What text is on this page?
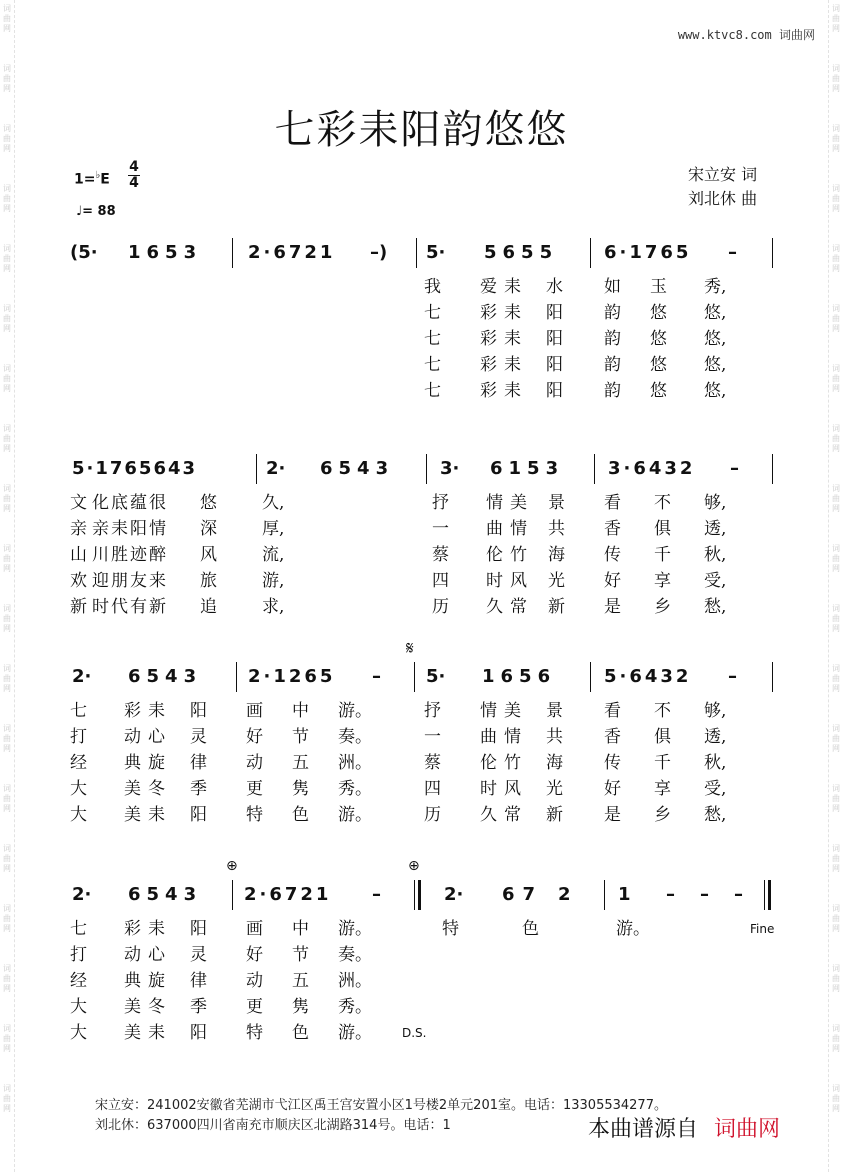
www.ktvc8.com 词曲网
七彩耒阳韵悠悠
宋立安 词
刘北休 曲
1=♭E
4
4
♩= 88
(5· 1653	2·6721 –) 5· 5655	6·1765 –
我 爱耒 水 如 玉 秀,
七 彩耒 阳 韵 悠 悠,
七 彩耒 阳 韵 悠 悠,
七 彩耒 阳 韵 悠 悠,
七 彩耒 阳 韵 悠 悠,
5·1765643	2· 6543	3· 6153 3·6432 –
文 化底蕴很 悠	久,	抒 情美 景 看 不 够,
亲 亲耒阳情 深	厚,	一 曲情 共 香 俱 透,
山 川胜迹醉 风	流,	蔡 伦竹 海 传 千 秋,
欢 迎朋友来 旅	游,	四 时风 光 好 享 受,
新 时代有新 追	求,	历 久常 新 是 乡 愁,
𝄋
2· 6543	2·1265 –	5· 1656	5·6432 –
七 彩耒 阳 画 中 游。	抒 情美 景 看 不 够,
打 动心 灵 好 节 奏。	一 曲情 共 香 俱 透,
经 典旋 律 动 五 洲。	蔡 伦竹 海 传 千 秋,
大 美冬 季 更 隽 秀。	四 时风 光 好 享 受,
大 美耒 阳 特 色 游。	历 久常 新 是 乡 愁,
⊕	⊕
2· 6543 2·6721 –	2· 67 2	1 – – –
Fine
七 彩耒 阳 画 中 游。	特	色	游。
打 动心 灵 好 节 奏。
经 典旋 律 动 五 洲。
大 美冬 季 更 隽 秀。
大 美耒 阳 特 色 游。	D.S.
宋立安：241002安徽省芜湖市弋江区禹王宫安置小区1号楼2单元201室。电话：13305534277。
刘北休：637000四川省南充市顺庆区北湖路314号。电话：1	本曲谱源自 词曲网
词曲网
词曲网
词曲网
词曲网
词曲网
词曲网
词曲网
词曲网
词曲网
词曲网
词曲网
词曲网
词曲网
词曲网
词曲网
词曲网
词曲网
词曲网
词曲网
词曲网
词曲网
词曲网
词曲网
词曲网
词曲网
词曲网
词曲网
词曲网
词曲网
词曲网
词曲网
词曲网
词曲网
词曲网
词曲网
词曲网
词曲网
词曲网
